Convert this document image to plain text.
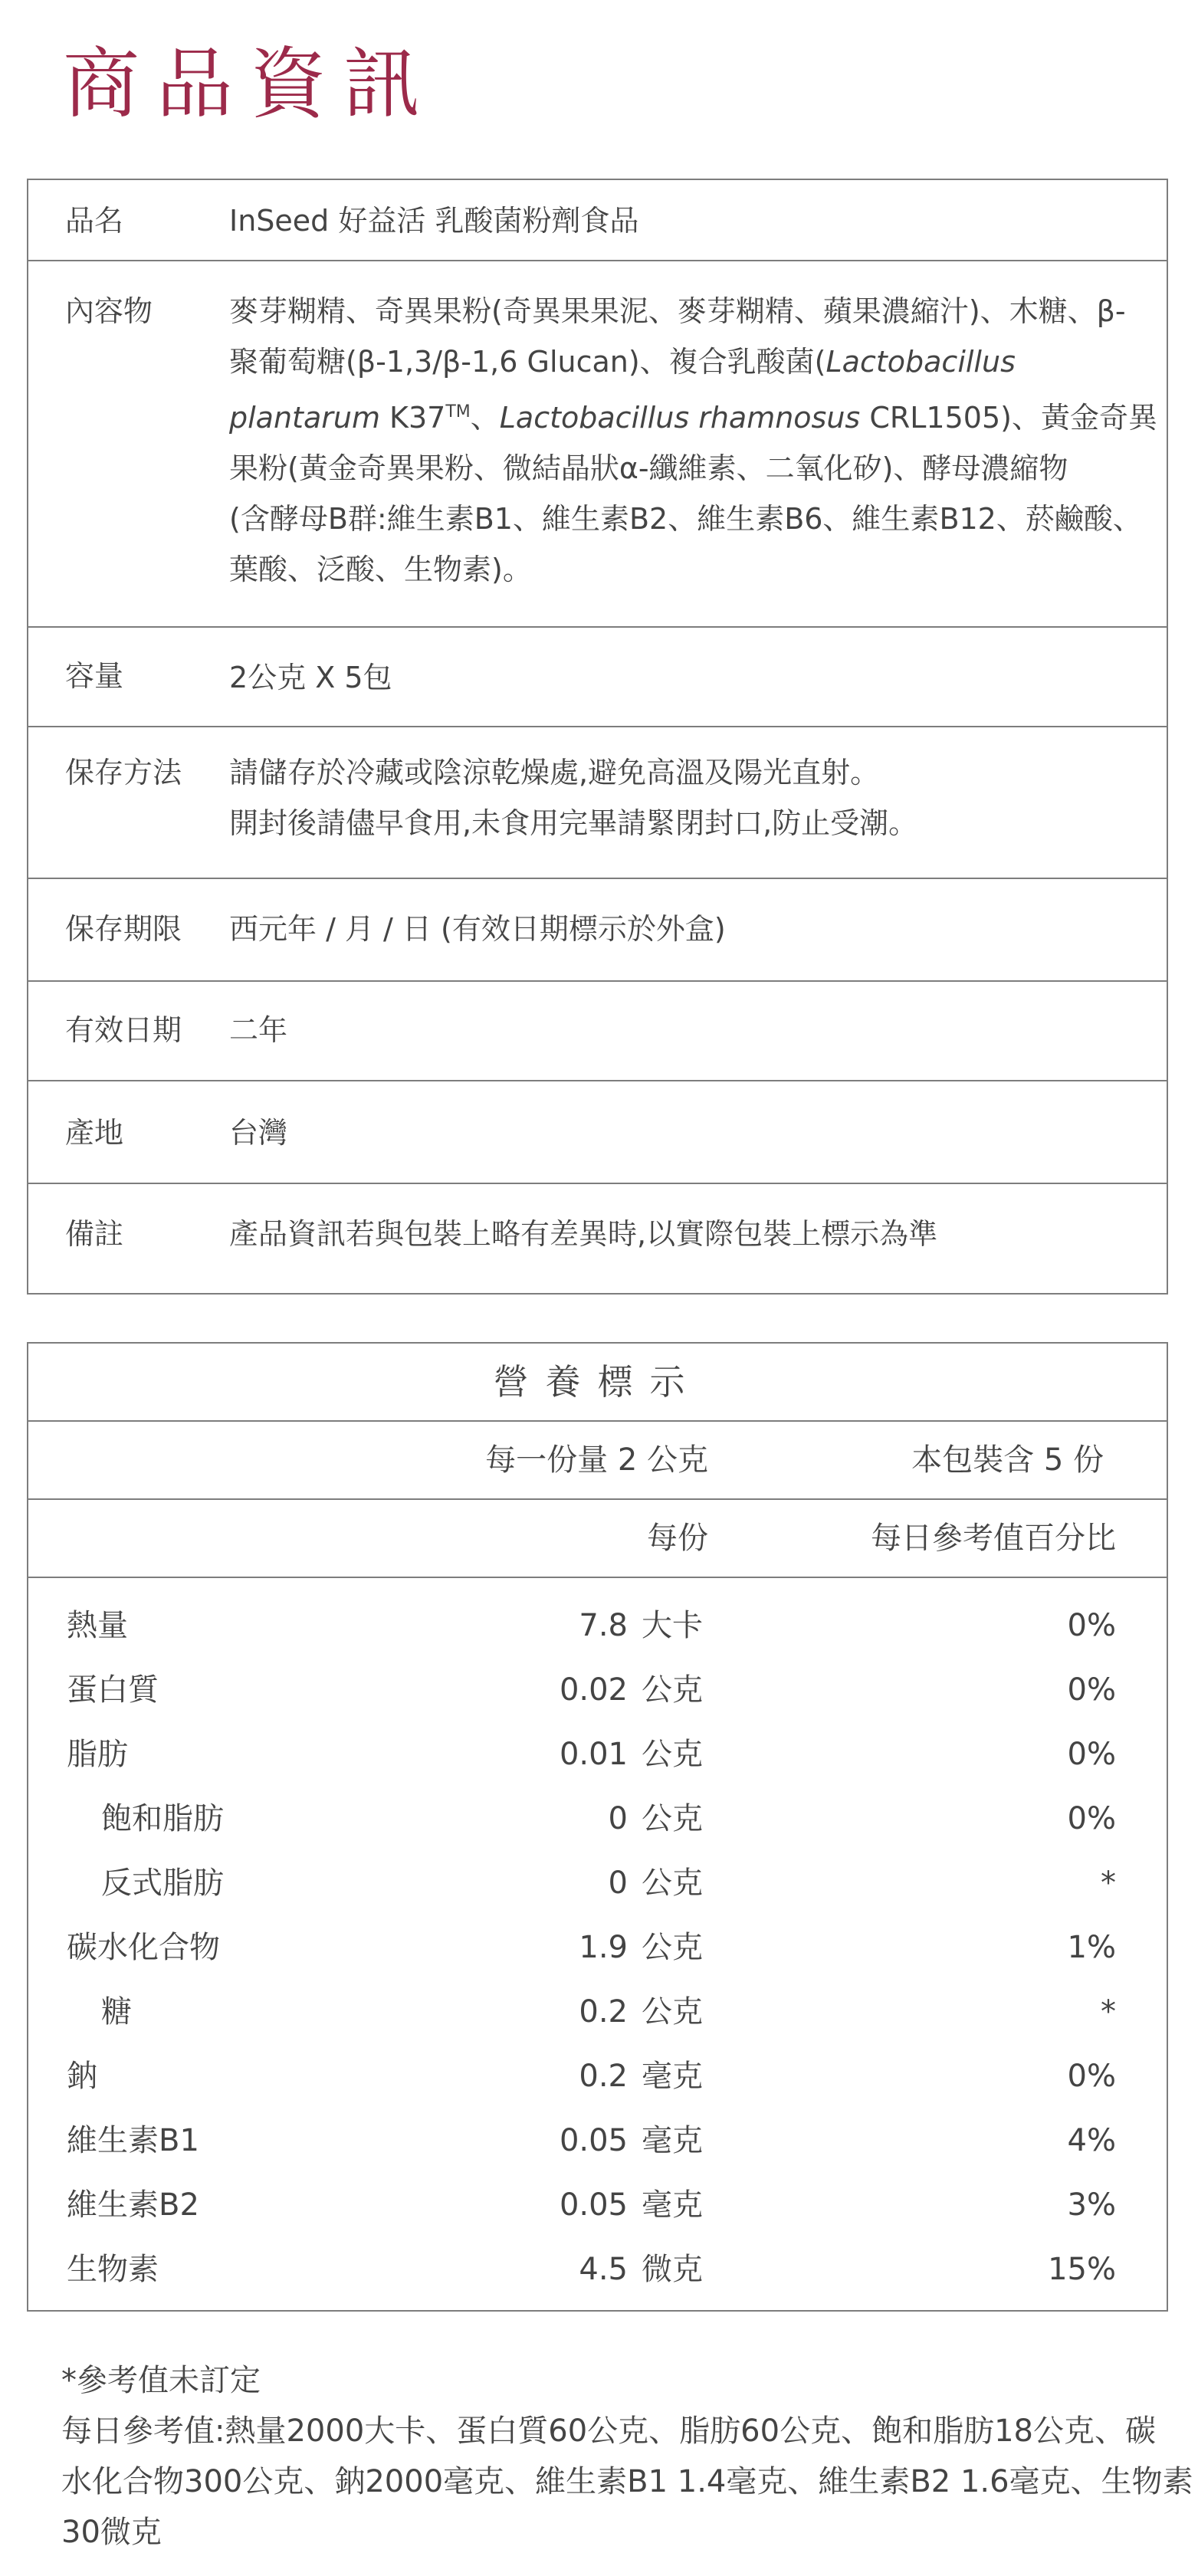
商品資訊
品名	InSeed 好益活 乳酸菌粉劑食品
內容物	麥芽糊精、奇異果粉(奇異果果泥、麥芽糊精、蘋果濃縮汁)、木糖、β-
聚葡萄糖(β-1,3/β-1,6 Glucan)、複合乳酸菌(Lactobacillus
plantarum K37™、Lactobacillus rhamnosus CRL1505)、黃金奇異
果粉(黃金奇異果粉、微結晶狀α-纖維素、二氧化矽)、酵母濃縮物
(含酵母B群:維生素B1、維生素B2、維生素B6、維生素B12、菸鹼酸、
葉酸、泛酸、生物素)。
容量	2公克 X 5包
保存方法 請儲存於冷藏或陰涼乾燥處,避免高溫及陽光直射。
開封後請儘早食用,未食用完畢請緊閉封口,防止受潮。
保存期限 西元年 / 月 / 日 (有效日期標示於外盒)
有效日期 二年
產地	台灣
備註	產品資訊若與包裝上略有差異時,以實際包裝上標示為準
營養標示
每一份量 2 公克	本包裝含 5 份
每份	每日參考值百分比
熱量	7.8 大卡	0%
蛋白質	0.02 公克	0%
脂肪	0.01 公克	0%
飽和脂肪	0 公克	0%
反式脂肪	0 公克	*
碳水化合物	1.9 公克	1%
糖	0.2 公克	*
鈉	0.2 毫克	0%
維生素B1	0.05 毫克	4%
維生素B2	0.05 毫克	3%
生物素	4.5 微克	15%
*參考值未訂定
每日參考值:熱量2000大卡、蛋白質60公克、脂肪60公克、飽和脂肪18公克、碳
水化合物300公克、鈉2000毫克、維生素B1 1.4毫克、維生素B2 1.6毫克、生物素
30微克
